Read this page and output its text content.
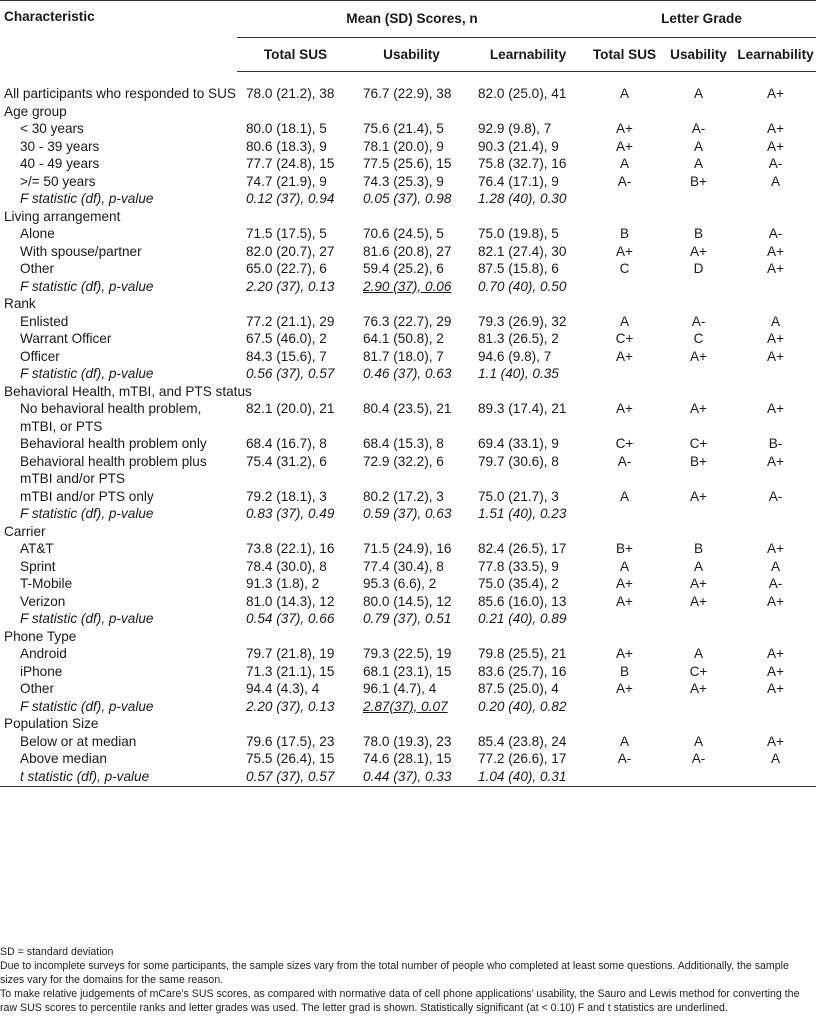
Characteristic	Mean (SD) Scores, n			Letter Grade		
	Total SUS	Usability	Learnability	Total SUS	Usability	Learnability
All participants who responded to SUS	78.0 (21.2), 38	76.7 (22.9), 38	82.0 (25.0), 41	A	A	A+
Age group						
< 30 years	80.0 (18.1), 5	75.6 (21.4), 5	92.9 (9.8), 7	A+	A-	A+
30 - 39 years	80.6 (18.3), 9	78.1 (20.0), 9	90.3 (21.4), 9	A+	A	A+
40 - 49 years	77.7 (24.8), 15	77.5 (25.6), 15	75.8 (32.7), 16	A	A	A-
>/= 50 years	74.7 (21.9), 9	74.3 (25.3), 9	76.4 (17.1), 9	A-	B+	A
F statistic (df), p-value	0.12 (37), 0.94	0.05 (37), 0.98	1.28 (40), 0.30			
Living arrangement						
Alone	71.5 (17.5), 5	70.6 (24.5), 5	75.0 (19.8), 5	B	B	A-
With spouse/partner	82.0 (20.7), 27	81.6 (20.8), 27	82.1 (27.4), 30	A+	A+	A+
Other	65.0 (22.7), 6	59.4 (25.2), 6	87.5 (15.8), 6	C	D	A+
F statistic (df), p-value	2.20 (37), 0.13	2.90 (37), 0.06	0.70 (40), 0.50			
Rank						
Enlisted	77.2 (21.1), 29	76.3 (22.7), 29	79.3 (26.9), 32	A	A-	A
Warrant Officer	67.5 (46.0), 2	64.1 (50.8), 2	81.3 (26.5), 2	C+	C	A+
Officer	84.3 (15.6), 7	81.7 (18.0), 7	94.6 (9.8), 7	A+	A+	A+
F statistic (df), p-value	0.56 (37), 0.57	0.46 (37), 0.63	1.1 (40), 0.35			
Behavioral Health, mTBI, and PTS status						
No behavioral health problem, mTBI, or PTS	82.1 (20.0), 21	80.4 (23.5), 21	89.3 (17.4), 21	A+	A+	A+
Behavioral health problem only	68.4 (16.7), 8	68.4 (15.3), 8	69.4 (33.1), 9	C+	C+	B-
Behavioral health problem plus mTBI and/or PTS	75.4 (31.2), 6	72.9 (32.2), 6	79.7 (30.6), 8	A-	B+	A+
mTBI and/or PTS only	79.2 (18.1), 3	80.2 (17.2), 3	75.0 (21.7), 3	A	A+	A-
F statistic (df), p-value	0.83 (37), 0.49	0.59 (37), 0.63	1.51 (40), 0.23			
Carrier						
AT&T	73.8 (22.1), 16	71.5 (24.9), 16	82.4 (26.5), 17	B+	B	A+
Sprint	78.4 (30.0), 8	77.4 (30.4), 8	77.8 (33.5), 9	A	A	A
T-Mobile	91.3 (1.8), 2	95.3 (6.6), 2	75.0 (35.4), 2	A+	A+	A-
Verizon	81.0 (14.3), 12	80.0 (14.5), 12	85.6 (16.0), 13	A+	A+	A+
F statistic (df), p-value	0.54 (37), 0.66	0.79 (37), 0.51	0.21 (40), 0.89			
Phone Type						
Android	79.7 (21.8), 19	79.3 (22.5), 19	79.8 (25.5), 21	A+	A	A+
iPhone	71.3 (21.1), 15	68.1 (23.1), 15	83.6 (25.7), 16	B	C+	A+
Other	94.4 (4.3), 4	96.1 (4.7), 4	87.5 (25.0), 4	A+	A+	A+
F statistic (df), p-value	2.20 (37), 0.13	2.87(37), 0.07	0.20 (40), 0.82			
Population Size						
Below or at median	79.6 (17.5), 23	78.0 (19.3), 23	85.4 (23.8), 24	A	A	A+
Above median	75.5 (26.4), 15	74.6 (28.1), 15	77.2 (26.6), 17	A-	A-	A
t statistic (df), p-value	0.57 (37), 0.57	0.44 (37), 0.33	1.04 (40), 0.31			

SD = standard deviation

Due to incomplete surveys for some participants, the sample sizes vary from the total number of people who completed at least some questions. Additionally, the sample sizes vary for the domains for the same reason.

To make relative judgements of mCare’s SUS scores, as compared with normative data of cell phone applications’ usability, the Sauro and Lewis method for converting the raw SUS scores to percentile ranks and letter grades was used. The letter grad is shown. Statistically significant (at < 0.10) F and t statistics are underlined.
